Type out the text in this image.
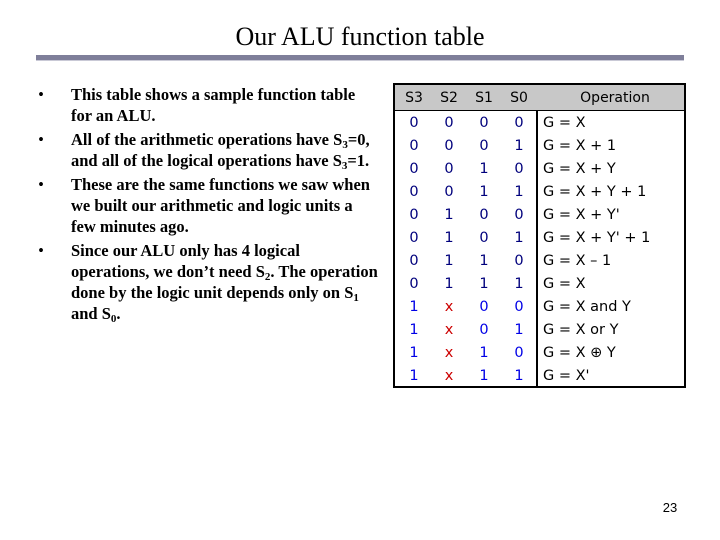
Our ALU function table
• This table shows a sample function table for an ALU.
• All of the arithmetic operations have $S_3=0$, and all of the logical operations have $S_3=1$.
• These are the same functions we saw when we built our arithmetic and logic units a few minutes ago.
• Since our ALU only has 4 logical operations, we don’t need $S_2$. The operation done by the logic unit depends only on $S_1$ and $S_0$.
S3	S2	S1	S0	Operation
0	0	0	0	G = X
0	0	0	1	G = X + 1
0	0	1	0	G = X + Y
0	0	1	1	G = X + Y + 1
0	1	0	0	G = X + Y'
0	1	0	1	G = X + Y' + 1
0	1	1	0	G = X – 1
0	1	1	1	G = X
1	x	0	0	G = X and Y
1	x	0	1	G = X or Y
1	x	1	0	G = X ⊕ Y
1	x	1	1	G = X'
23
